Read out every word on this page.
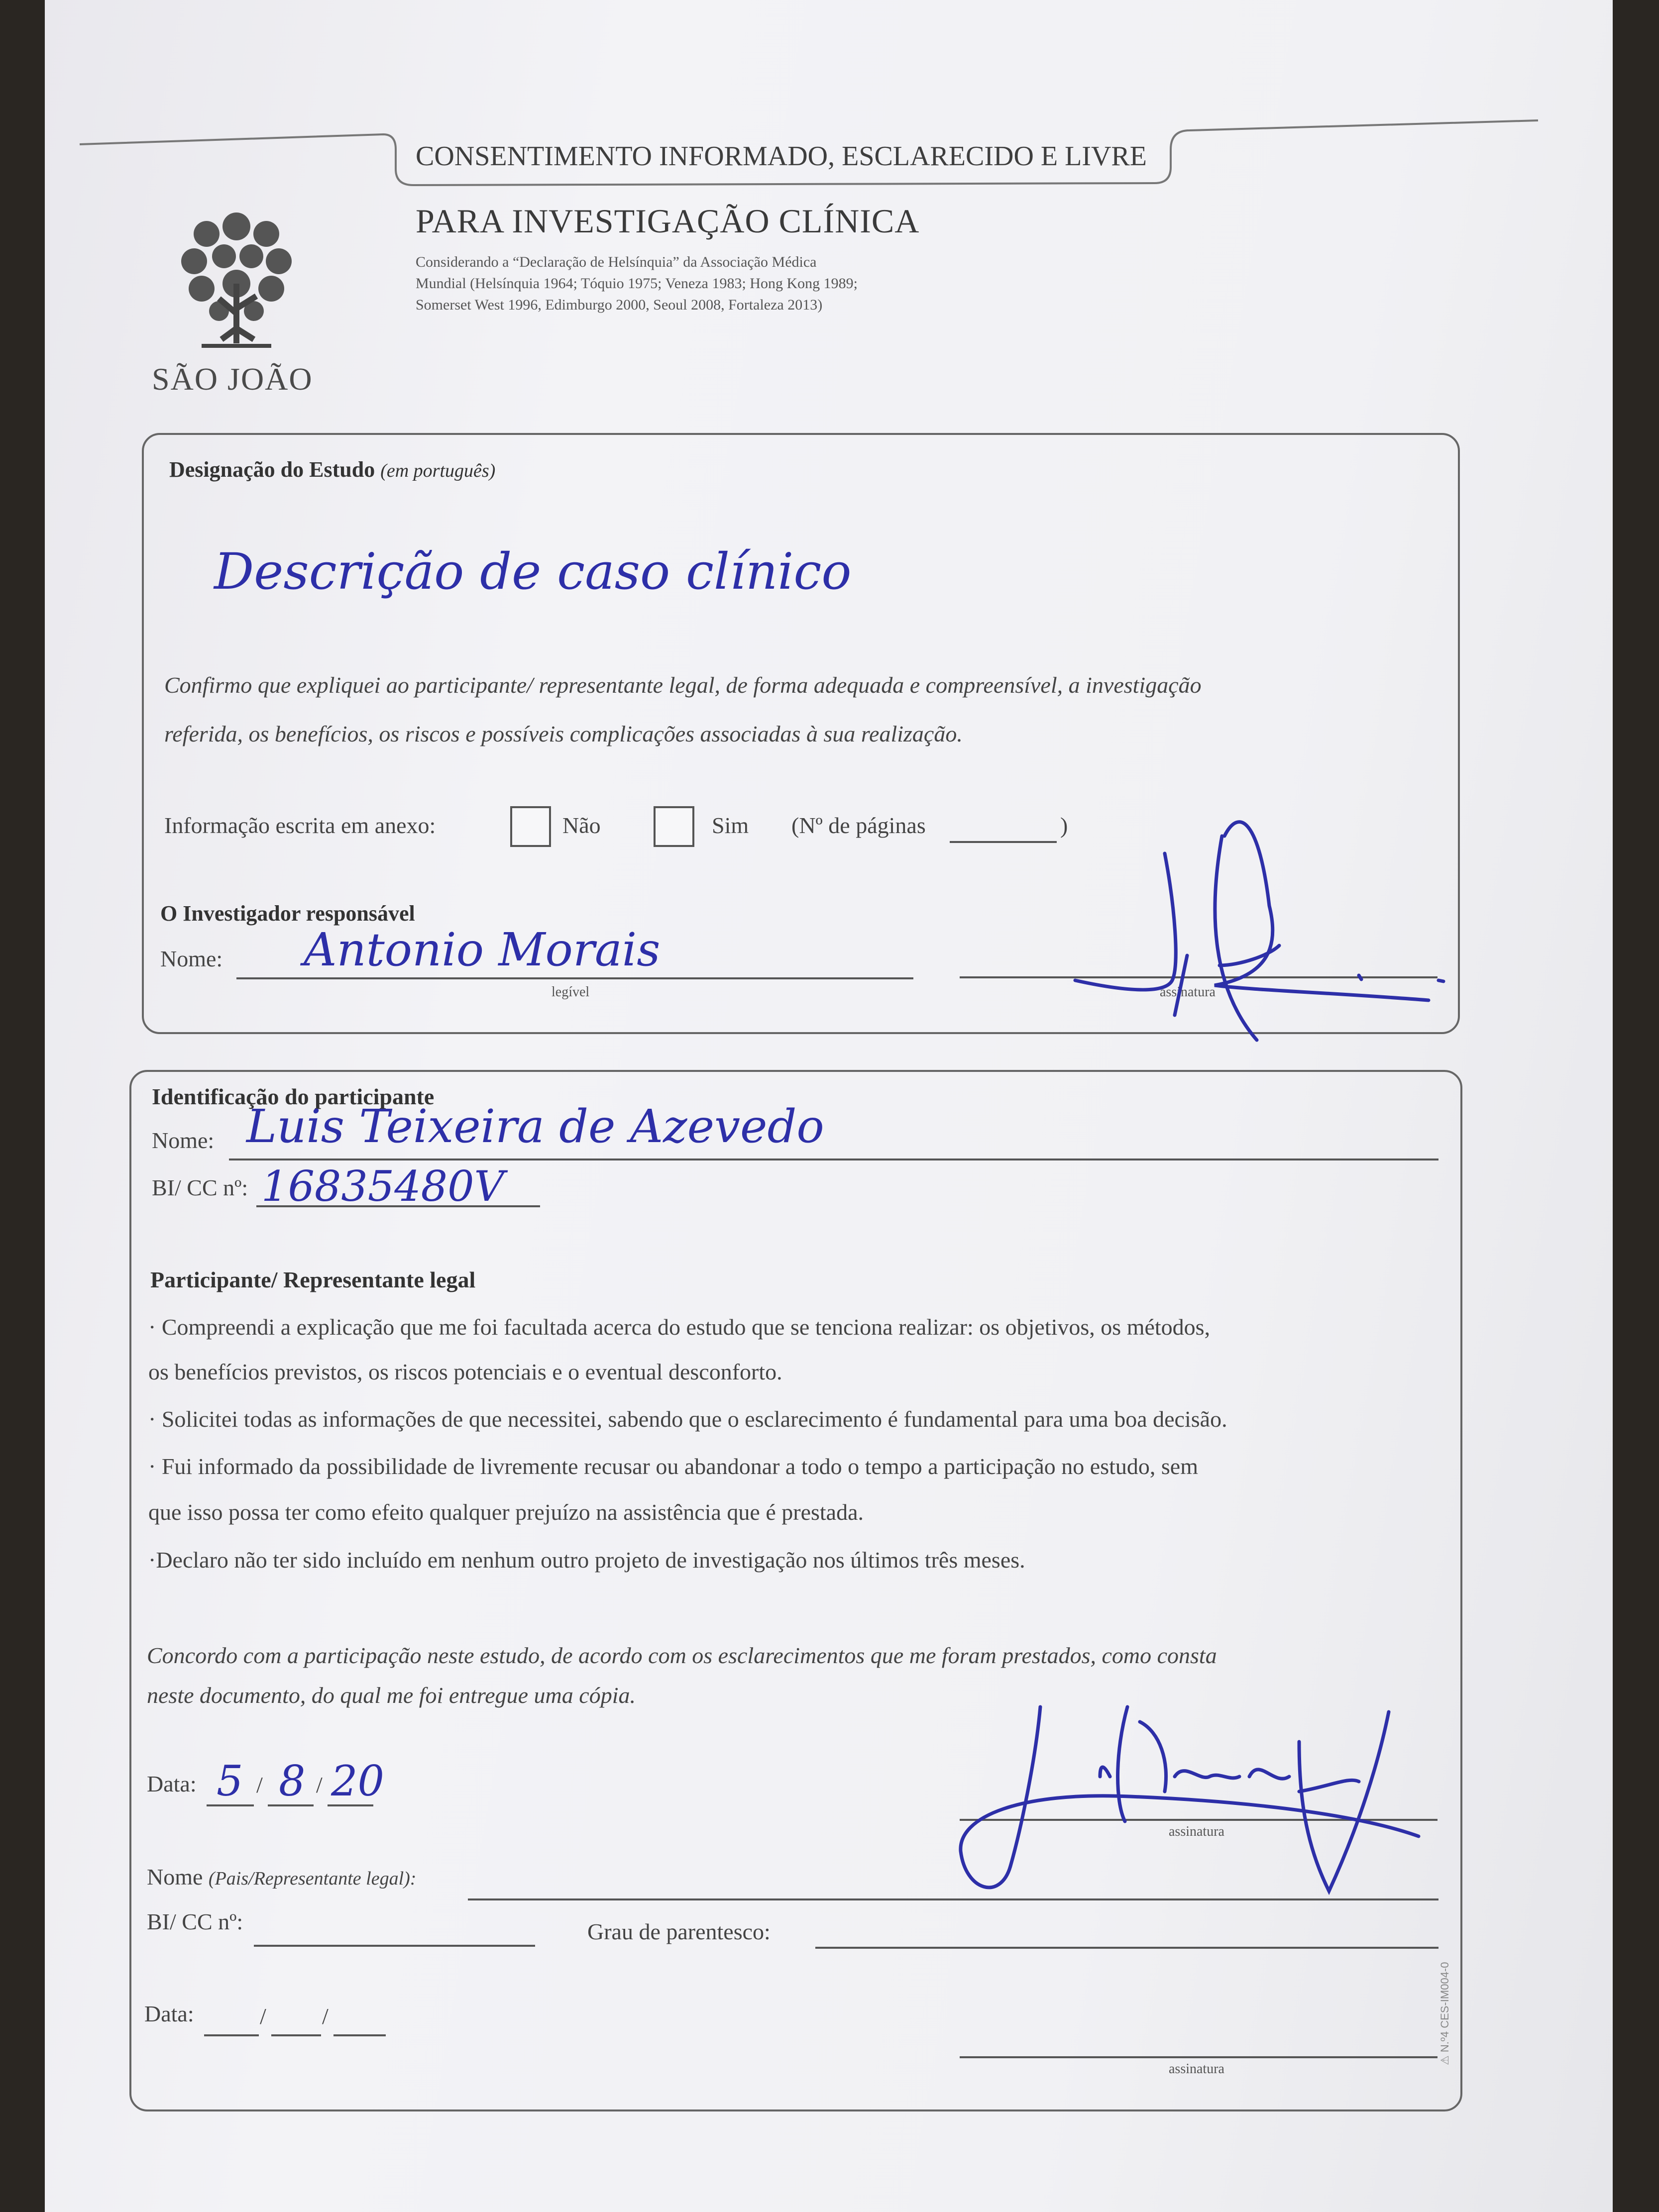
CONSENTIMENTO INFORMADO, ESCLARECIDO E LIVRE
PARA INVESTIGAÇÃO CLÍNICA
Considerando a “Declaração de Helsínquia” da Associação Médica
Mundial (Helsínquia 1964; Tóquio 1975; Veneza 1983; Hong Kong 1989;
Somerset West 1996, Edimburgo 2000, Seoul 2008, Fortaleza 2013)
SÃO JOÃO
Designação do Estudo (em português)
Descrição de caso clínico
Confirmo que expliquei ao participante/ representante legal, de forma adequada e compreensível, a investigação
referida, os benefícios, os riscos e possíveis complicações associadas à sua realização.
Informação escrita em anexo:	Não	Sim (Nº de páginas	)
O Investigador responsável
Nome: Antonio Morais
legível	assinatura
Identificação do participante
Nome: Luis Teixeira de Azevedo
BI/ CC nº: 16835480V
Participante/ Representante legal
· Compreendi a explicação que me foi facultada acerca do estudo que se tenciona realizar: os objetivos, os métodos,
os benefícios previstos, os riscos potenciais e o eventual desconforto.
· Solicitei todas as informações de que necessitei, sabendo que o esclarecimento é fundamental para uma boa decisão.
· Fui informado da possibilidade de livremente recusar ou abandonar a todo o tempo a participação no estudo, sem
que isso possa ter como efeito qualquer prejuízo na assistência que é prestada.
·Declaro não ter sido incluído em nenhum outro projeto de investigação nos últimos três meses.
Concordo com a participação neste estudo, de acordo com os esclarecimentos que me foram prestados, como consta
neste documento, do qual me foi entregue uma cópia.
Data: 5 / 8 / 20
assinatura
Nome (Pais/Representante legal):
BI/ CC nº:	Grau de parentesco:
Data:	/ /
assinatura
⚠ N.º4 CES-IM004-0
